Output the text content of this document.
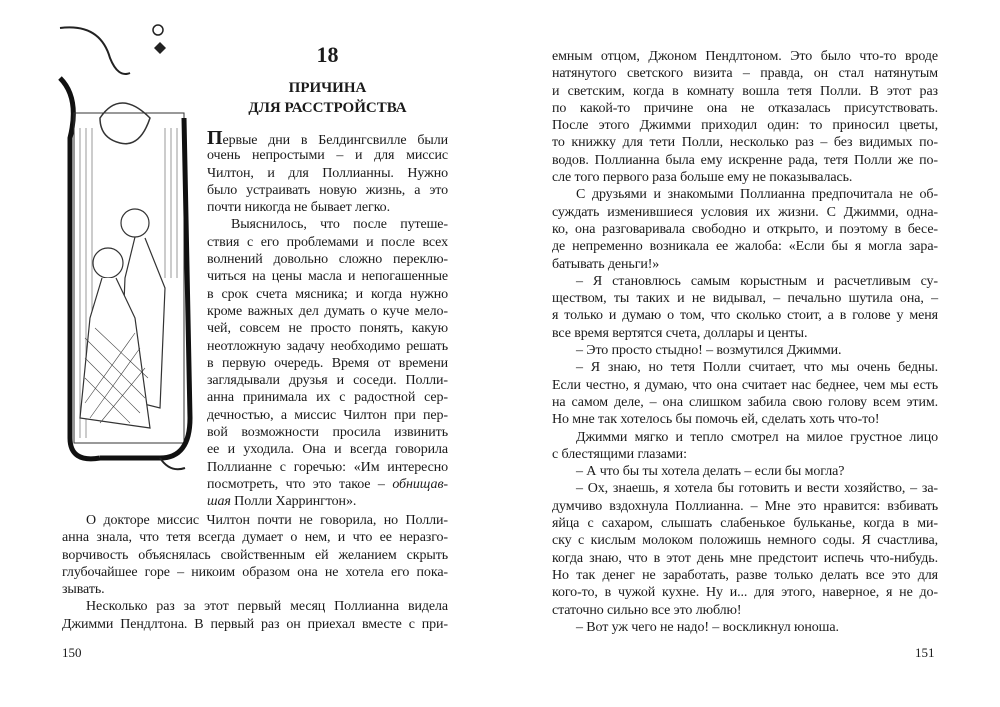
18
ПРИЧИНА
ДЛЯ РАССТРОЙСТВА
Первые дни в Белдингсвилле были
очень непростыми – и для миссис
Чилтон, и для Поллианны. Нужно
было устраивать новую жизнь, а это
почти никогда не бывает легко.
Выяснилось, что после путеше-
ствия с его проблемами и после всех
волнений довольно сложно переклю-
читься на цены масла и непогашенные
в срок счета мясника; и когда нужно
кроме важных дел думать о куче мело-
чей, совсем не просто понять, какую
неотложную задачу необходимо решать
в первую очередь. Время от времени
заглядывали друзья и соседи. Полли-
анна принимала их с радостной сер-
дечностью, а миссис Чилтон при пер-
вой возможности просила извинить
ее и уходила. Она и всегда говорила
Поллианне с горечью: «Им интересно
посмотреть, что это такое – обнищав-
шая Полли Харрингтон».
О докторе миссис Чилтон почти не говорила, но Полли-
анна знала, что тетя всегда думает о нем, и что ее неразго-
ворчивость объяснялась свойственным ей желанием скрыть
глубочайшее горе – никоим образом она не хотела его пока-
зывать.
Несколько раз за этот первый месяц Поллианна видела
Джимми Пендлтона. В первый раз он приехал вместе с при-
150
емным отцом, Джоном Пендлтоном. Это было что-то вроде
натянутого светского визита – правда, он стал натянутым
и светским, когда в комнату вошла тетя Полли. В этот раз
по какой-то причине она не отказалась присутствовать.
После этого Джимми приходил один: то приносил цветы,
то книжку для тети Полли, несколько раз – без видимых по-
водов. Поллианна была ему искренне рада, тетя Полли же по-
сле того первого раза больше ему не показывалась.
С друзьями и знакомыми Поллианна предпочитала не об-
суждать изменившиеся условия их жизни. С Джимми, одна-
ко, она разговаривала свободно и открыто, и поэтому в бесе-
де непременно возникала ее жалоба: «Если бы я могла зара-
батывать деньги!»
– Я становлюсь самым корыстным и расчетливым су-
ществом, ты таких и не видывал, – печально шутила она, –
я только и думаю о том, что сколько стоит, а в голове у меня
все время вертятся счета, доллары и центы.
– Это просто стыдно! – возмутился Джимми.
– Я знаю, но тетя Полли считает, что мы очень бедны.
Если честно, я думаю, что она считает нас беднее, чем мы есть
на самом деле, – она слишком забила свою голову всем этим.
Но мне так хотелось бы помочь ей, сделать хоть что-то!
Джимми мягко и тепло смотрел на милое грустное лицо
с блестящими глазами:
– А что бы ты хотела делать – если бы могла?
– Ох, знаешь, я хотела бы готовить и вести хозяйство, – за-
думчиво вздохнула Поллианна. – Мне это нравится: взбивать
яйца с сахаром, слышать слабенькое бульканье, когда в ми-
ску с кислым молоком положишь немного соды. Я счастлива,
когда знаю, что в этот день мне предстоит испечь что-нибудь.
Но так денег не заработать, разве только делать все это для
кого-то, в чужой кухне. Ну и... для этого, наверное, я не до-
статочно сильно все это люблю!
– Вот уж чего не надо! – воскликнул юноша.
151
